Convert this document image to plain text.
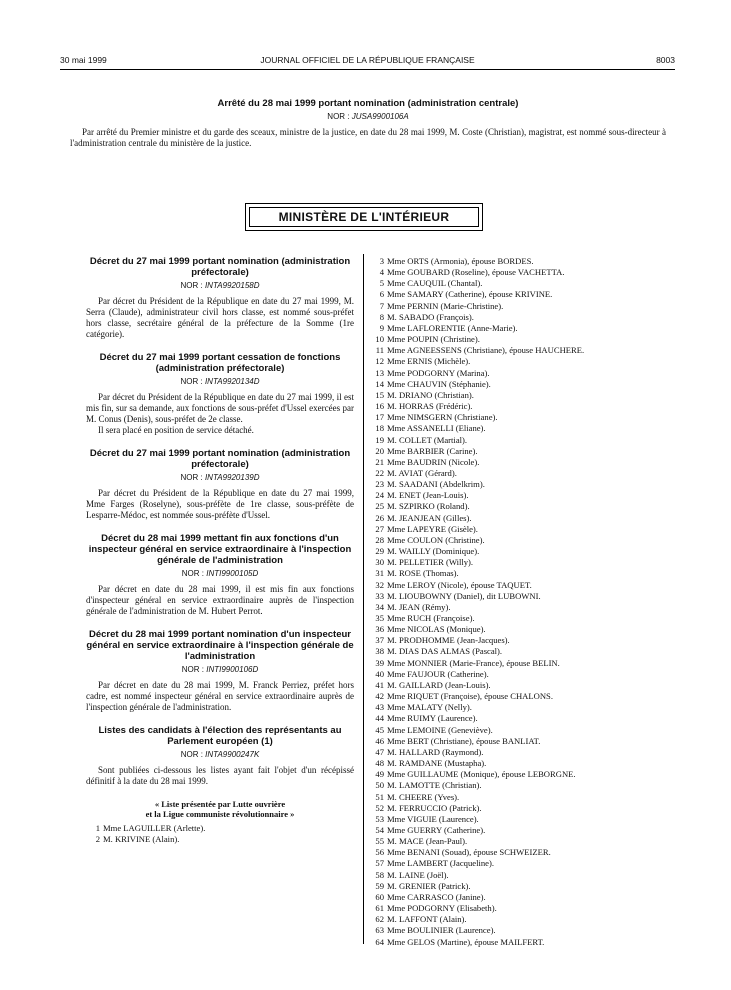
30 mai 1999	JOURNAL OFFICIEL DE LA RÉPUBLIQUE FRANÇAISE	8003

Arrêté du 28 mai 1999 portant nomination (administration centrale)

NOR : JUSA9900106A

Par arrêté du Premier ministre et du garde des sceaux, ministre de la justice, en date du 28 mai 1999, M. Coste (Christian), magistrat, est nommé sous-directeur à l'administration centrale du ministère de la justice.

MINISTÈRE DE L'INTÉRIEUR

Décret du 27 mai 1999 portant nomination (administration préfectorale)

NOR : INTA9920158D

Par décret du Président de la République en date du 27 mai 1999, M. Serra (Claude), administrateur civil hors classe, est nommé sous-préfet hors classe, secrétaire général de la préfecture de la Somme (1re catégorie).

Décret du 27 mai 1999 portant cessation de fonctions (administration préfectorale)

NOR : INTA9920134D

Par décret du Président de la République en date du 27 mai 1999, il est mis fin, sur sa demande, aux fonctions de sous-préfet d'Ussel exercées par M. Conus (Denis), sous-préfet de 2e classe.

Il sera placé en position de service détaché.

Décret du 27 mai 1999 portant nomination (administration préfectorale)

NOR : INTA9920139D

Par décret du Président de la République en date du 27 mai 1999, Mme Farges (Roselyne), sous-préfète de 1re classe, sous-préfète de Lesparre-Médoc, est nommée sous-préfète d'Ussel.

Décret du 28 mai 1999 mettant fin aux fonctions d'un inspecteur général en service extraordinaire à l'inspection générale de l'administration

NOR : INTI9900105D

Par décret en date du 28 mai 1999, il est mis fin aux fonctions d'inspecteur général en service extraordinaire auprès de l'inspection générale de l'administration de M. Hubert Perrot.

Décret du 28 mai 1999 portant nomination d'un inspecteur général en service extraordinaire à l'inspection générale de l'administration

NOR : INTI9900106D

Par décret en date du 28 mai 1999, M. Franck Perriez, préfet hors cadre, est nommé inspecteur général en service extraordinaire auprès de l'inspection générale de l'administration.

Listes des candidats à l'élection des représentants au Parlement européen (1)

NOR : INTA9900247K

Sont publiées ci-dessous les listes ayant fait l'objet d'un récépissé définitif à la date du 28 mai 1999.

« Liste présentée par Lutte ouvrière

et la Ligue communiste révolutionnaire »

1 Mme LAGUILLER (Arlette).
2 M. KRIVINE (Alain).
3 Mme ORTS (Armonia), épouse BORDES.
4 Mme GOUBARD (Roseline), épouse VACHETTA.
5 Mme CAUQUIL (Chantal).
6 Mme SAMARY (Catherine), épouse KRIVINE.
7 Mme PERNIN (Marie-Christine).
8 M. SABADO (François).
9 Mme LAFLORENTIE (Anne-Marie).
10 Mme POUPIN (Christine).
11 Mme AGNEESSENS (Christiane), épouse HAUCHERE.
12 Mme ERNIS (Michèle).
13 Mme PODGORNY (Marina).
14 Mme CHAUVIN (Stéphanie).
15 M. DRIANO (Christian).
16 M. HORRAS (Frédéric).
17 Mme NIMSGERN (Christiane).
18 Mme ASSANELLI (Eliane).
19 M. COLLET (Martial).
20 Mme BARBIER (Carine).
21 Mme BAUDRIN (Nicole).
22 M. AVIAT (Gérard).
23 M. SAADANI (Abdelkrim).
24 M. ENET (Jean-Louis).
25 M. SZPIRKO (Roland).
26 M. JEANJEAN (Gilles).
27 Mme LAPEYRE (Gisèle).
28 Mme COULON (Christine).
29 M. WAILLY (Dominique).
30 M. PELLETIER (Willy).
31 M. ROSE (Thomas).
32 Mme LEROY (Nicole), épouse TAQUET.
33 M. LIOUBOWNY (Daniel), dit LUBOWNI.
34 M. JEAN (Rémy).
35 Mme RUCH (Françoise).
36 Mme NICOLAS (Monique).
37 M. PRODHOMME (Jean-Jacques).
38 M. DIAS DAS ALMAS (Pascal).
39 Mme MONNIER (Marie-France), épouse BELIN.
40 Mme FAUJOUR (Catherine).
41 M. GAILLARD (Jean-Louis).
42 Mme RIQUET (Françoise), épouse CHALONS.
43 Mme MALATY (Nelly).
44 Mme RUIMY (Laurence).
45 Mme LEMOINE (Geneviève).
46 Mme BERT (Christiane), épouse BANLIAT.
47 M. HALLARD (Raymond).
48 M. RAMDANE (Mustapha).
49 Mme GUILLAUME (Monique), épouse LEBORGNE.
50 M. LAMOTTE (Christian).
51 M. CHEERE (Yves).
52 M. FERRUCCIO (Patrick).
53 Mme VIGUIE (Laurence).
54 Mme GUERRY (Catherine).
55 M. MACE (Jean-Paul).
56 Mme BENANI (Souad), épouse SCHWEIZER.
57 Mme LAMBERT (Jacqueline).
58 M. LAINE (Joël).
59 M. GRENIER (Patrick).
60 Mme CARRASCO (Janine).
61 Mme PODGORNY (Elisabeth).
62 M. LAFFONT (Alain).
63 Mme BOULINIER (Laurence).
64 Mme GELOS (Martine), épouse MAILFERT.
